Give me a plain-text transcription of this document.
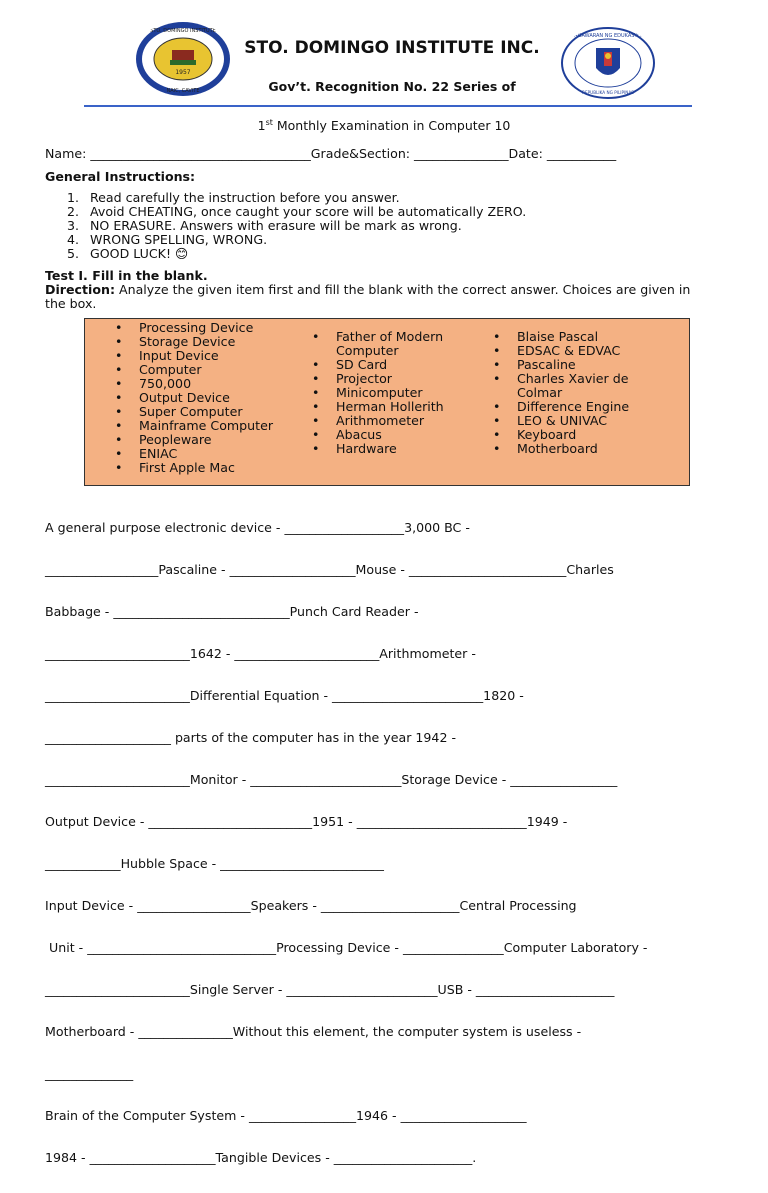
1957
STO. DOMINGO INSTITUTE
NAIC, CAVITE
STO. DOMINGO INSTITUTE INC.
Gov’t. Recognition No. 22 Series of
KAGAWARAN NG EDUKASYON
REPUBLIKA NG PILIPINAS
1st Monthly Examination in Computer 10
Name: ___________________________________Grade&Section: _______________Date: ___________
General Instructions:
1. Read carefully the instruction before you answer.
2. Avoid CHEATING, once caught your score will be automatically ZERO.
3. NO ERASURE. Answers with erasure will be mark as wrong.
4. WRONG SPELLING, WRONG.
5. GOOD LUCK! 😊
Test I. Fill in the blank.
Direction: Analyze the given item first and fill the blank with the correct answer. Choices are given in the box.
• Processing Device
• Storage Device
• Input Device
• Computer
• 750,000
• Output Device
• Super Computer
• Mainframe Computer
• Peopleware
• ENIAC
• First Apple Mac
• Father of Modern Computer
• SD Card
• Projector
• Minicomputer
• Herman Hollerith
• Arithmometer
• Abacus
• Hardware
• Blaise Pascal
• EDSAC & EDVAC
• Pascaline
• Charles Xavier de Colmar
• Difference Engine
• LEO & UNIVAC
• Keyboard
• Motherboard

A general purpose electronic device - ___________________3,000 BC -

__________________Pascaline - ____________________Mouse - _________________________Charles

Babbage - ____________________________Punch Card Reader -

_______________________1642 - _______________________Arithmometer -

_______________________Differential Equation - ________________________1820 -

____________________ parts of the computer has in the year 1942 -

_______________________Monitor - ________________________Storage Device - _________________

Output Device - __________________________1951 - ___________________________1949 -

____________Hubble Space - __________________________

Input Device - __________________Speakers - ______________________Central Processing

Unit - ______________________________Processing Device - ________________Computer Laboratory -

_______________________Single Server - ________________________USB - ______________________

Motherboard - _______________Without this element, the computer system is useless -

______________

Brain of the Computer System - _________________1946 - ____________________

1984 - ____________________Tangible Devices - ______________________.
